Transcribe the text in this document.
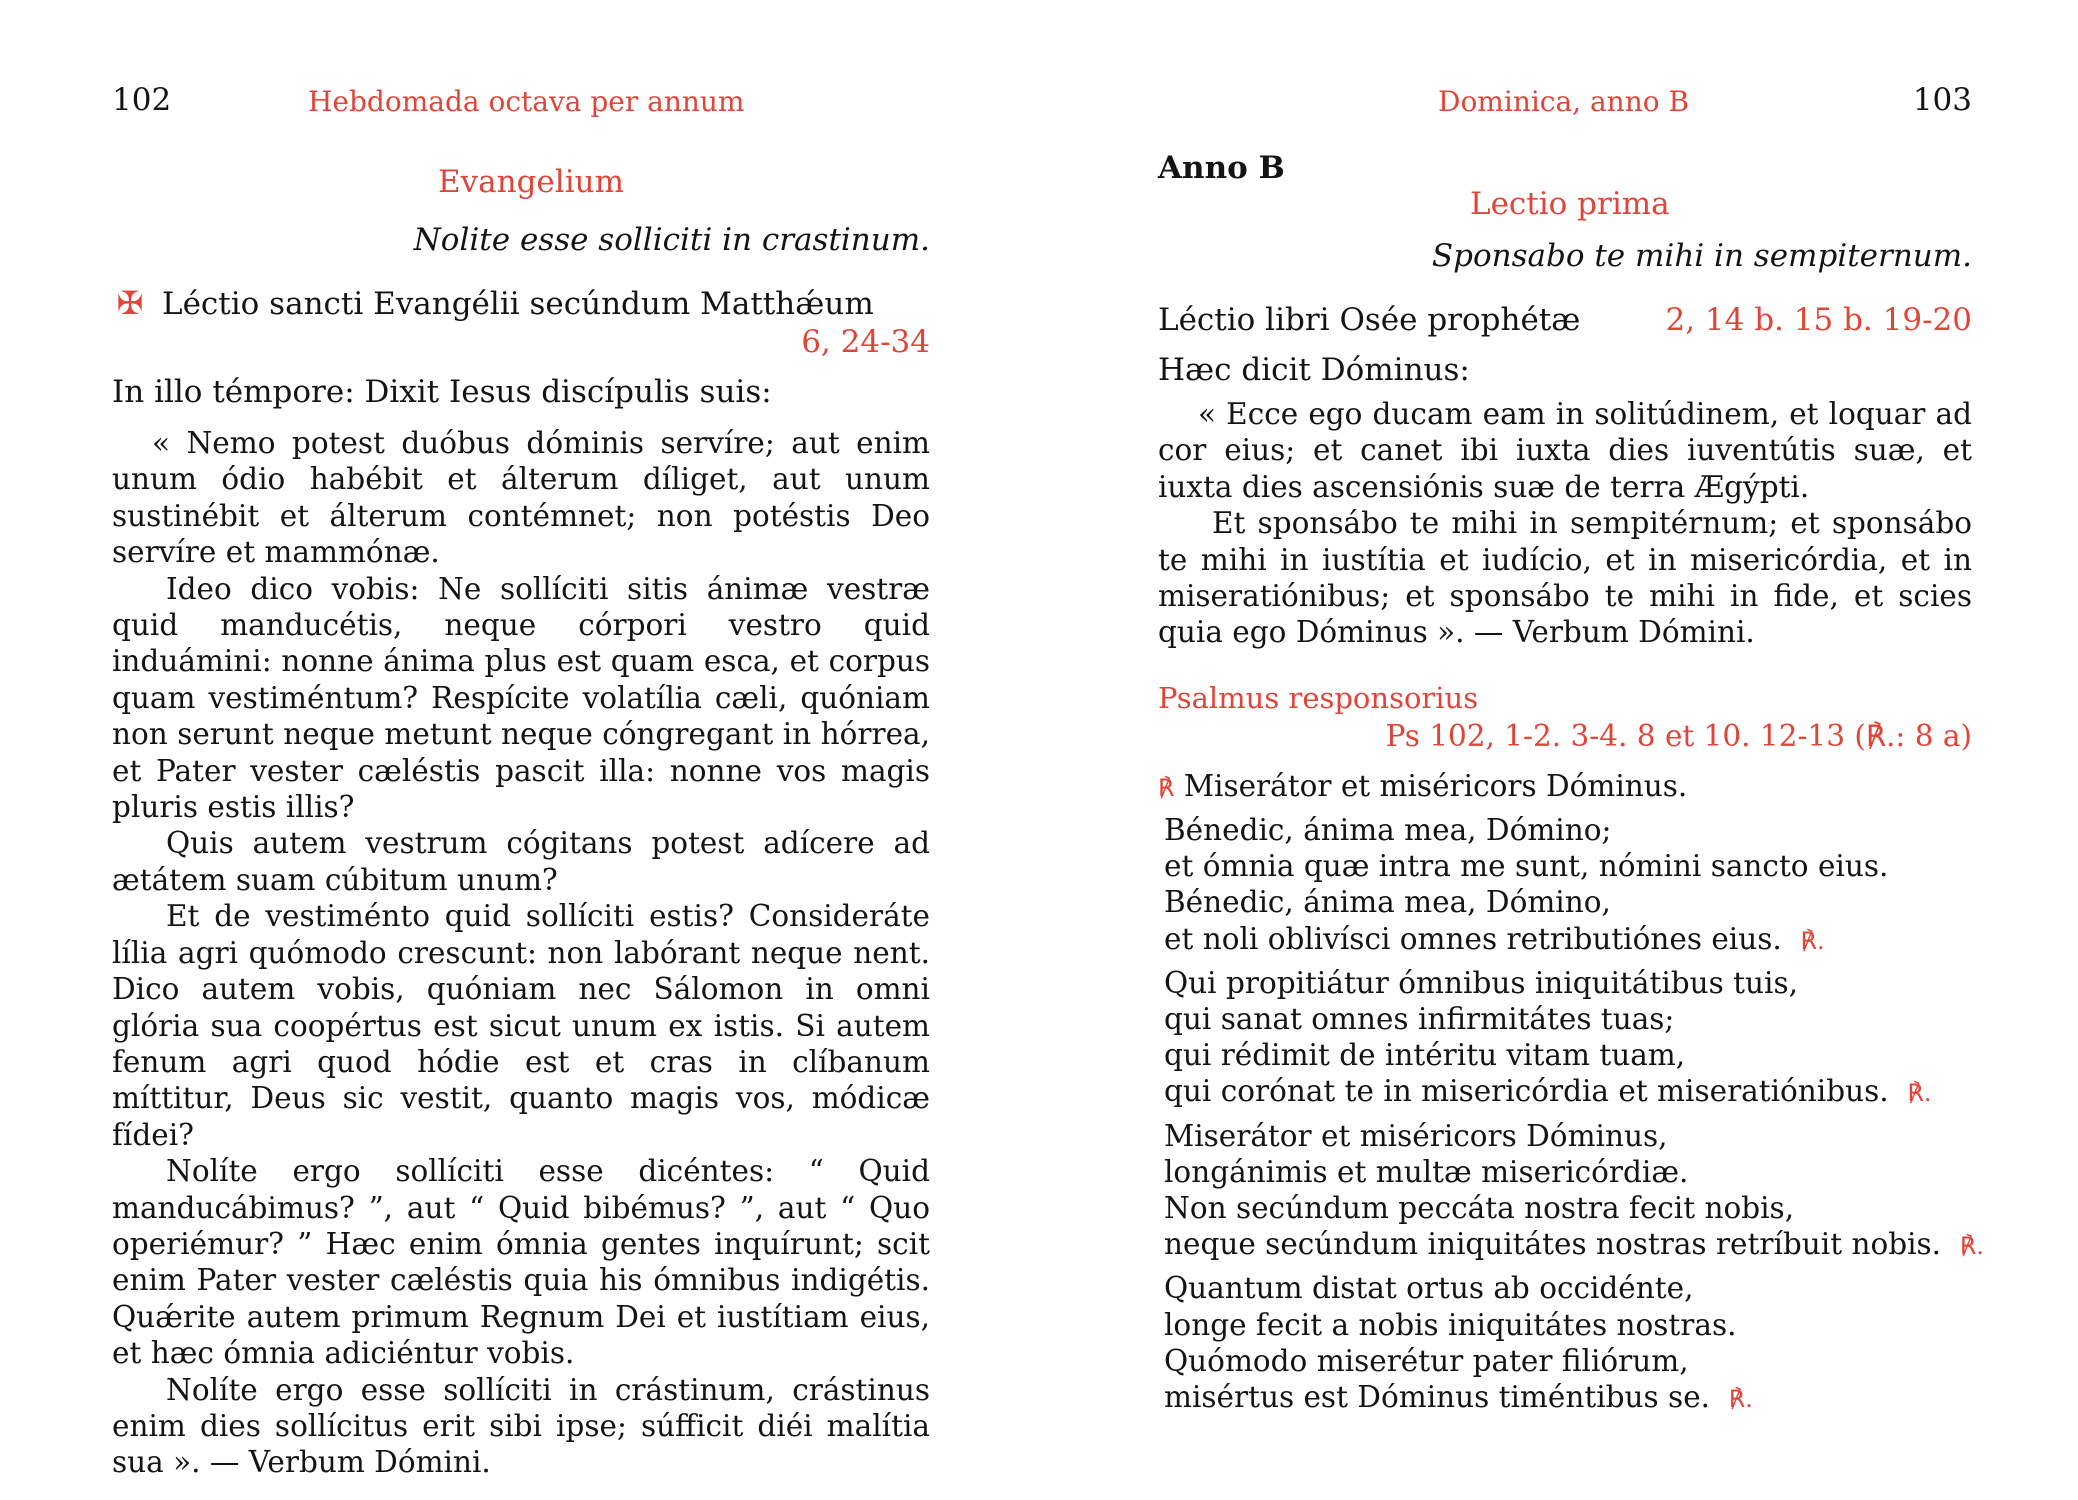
102	Hebdomada octava per annum
Evangelium
Nolite esse solliciti in crastinum.
✠ Léctio sancti Evangélii secúndum Matthǽum
6, 24-34
In illo témpore: Dixit Iesus discípulis suis:

« Nemo potest duóbus dóminis servíre; aut enim unum ódio habébit et álterum díliget, aut unum sustinébit et álterum contémnet; non potéstis Deo servíre et mammónæ.

Ideo dico vobis: Ne sollíciti sitis ánimæ vestræ quid manducétis, neque córpori vestro quid induámini: nonne ánima plus est quam esca, et corpus quam vestiméntum? Respícite volatília cæli, quóniam non serunt neque metunt neque cóngregant in hórrea, et Pater vester cæléstis pascit illa: nonne vos magis pluris estis illis?

Quis autem vestrum cógitans potest adícere ad ætátem suam cúbitum unum?

Et de vestiménto quid sollíciti estis? Consideráte lília agri quómodo crescunt: non labórant neque nent. Dico autem vobis, quóniam nec Sálomon in omni glória sua coopértus est sicut unum ex istis. Si autem fenum agri quod hódie est et cras in clíbanum míttitur, Deus sic vestit, quanto magis vos, módicæ fídei?

Nolíte ergo sollíciti esse dicéntes: “ Quid manducábimus? ”, aut “ Quid bibémus? ”, aut “ Quo operiémur? ” Hæc enim ómnia gentes inquírunt; scit enim Pater vester cæléstis quia his ómnibus indigétis. Quǽrite autem primum Regnum Dei et iustítiam eius, et hæc ómnia adiciéntur vobis.

Nolíte ergo esse sollíciti in crástinum, crástinus enim dies sollícitus erit sibi ipse; súfficit diéi malítia sua ». — Verbum Dómini.

Dominica, anno B	103
Anno B
Lectio prima
Sponsabo te mihi in sempiternum.
Léctio libri Osée prophétæ	2, 14 b. 15 b. 19-20
Hæc dicit Dóminus:

« Ecce ego ducam eam in solitúdinem, et loquar ad cor eius; et canet ibi iuxta dies iuventútis suæ, et iuxta dies ascensiónis suæ de terra Ægýpti.

Et sponsábo te mihi in sempitérnum; et sponsábo te mihi in iustítia et iudício, et in misericórdia, et in miseratiónibus; et sponsábo te mihi in fide, et scies quia ego Dóminus ». — Verbum Dómini.

Psalmus responsorius
Ps 102, 1-2. 3-4. 8 et 10. 12-13 (℟.: 8 a)
℟ Miserátor et miséricors Dóminus.
Bénedic, ánima mea, Dómino;
et ómnia quæ intra me sunt, nómini sancto eius.
Bénedic, ánima mea, Dómino,
et noli oblivísci omnes retributiónes eius. ℟.
Qui propitiátur ómnibus iniquitátibus tuis,
qui sanat omnes infirmitátes tuas;
qui rédimit de intéritu vitam tuam,
qui corónat te in misericórdia et miseratiónibus. ℟.
Miserátor et miséricors Dóminus,
longánimis et multæ misericórdiæ.
Non secúndum peccáta nostra fecit nobis,
neque secúndum iniquitátes nostras retríbuit nobis. ℟.
Quantum distat ortus ab occidénte,
longe fecit a nobis iniquitátes nostras.
Quómodo miserétur pater filiórum,
misértus est Dóminus timéntibus se. ℟.
